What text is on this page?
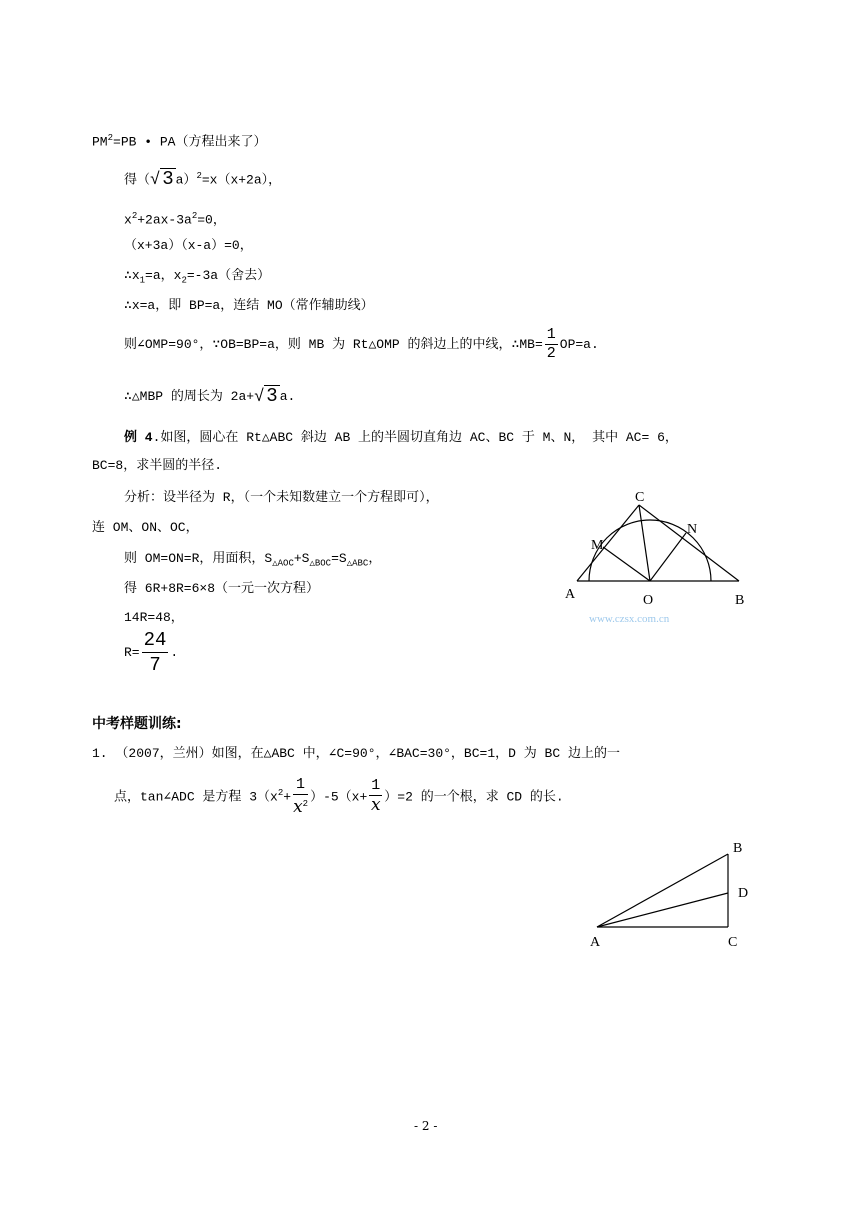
$PM^2=PB$ • PA（方程出来了）
得（√ 3 a）$^2$=x（x+2a），
$x^2+2ax-3a^2=0$，
（x+3a）（x-a）=0，
$\therefore x_1=a$，$x_2=-3a$（舍去）
∴x=a，即 BP=a，连结 MO（常作辅助线）
则∠OMP=90°，∵OB=BP=a，则 MB 为 Rt△OMP 的斜边上的中线，∴MB= $\frac{1}{2} OP=a$.
∴△MBP 的周长为 2a+√ 3 a.
例 4.如图，圆心在 Rt△ABC 斜边 AB 上的半圆切直角边 AC、BC 于 M、N， 其中 AC= 6，
BC=8，求半圆的半径.
分析：设半径为 R，（一个未知数建立一个方程即可），
连 OM、ON、OC，
则 OM=ON=R，用面积，$S_{\triangle AOC}+S_{\triangle BOC}=S_{\triangle ABC}$，
得 6R+8R=6×8（一元一次方程）
14R=48，
$R= \frac{24}{7}$ .
C
M
N
A	O	B
www.czsx.com.cn
中考样题训练:
1. （2007，兰州）如图，在△ABC 中，∠C=90°，∠BAC=30°，BC=1，D 为 BC 边上的一
点，tan∠ADC 是方程 $3(x^2+ \frac{1}{x^2} )-5(x+ \frac{1}{x} )=2$ 的一个根，求 CD 的长.
B
D
A	C
- 2 -
